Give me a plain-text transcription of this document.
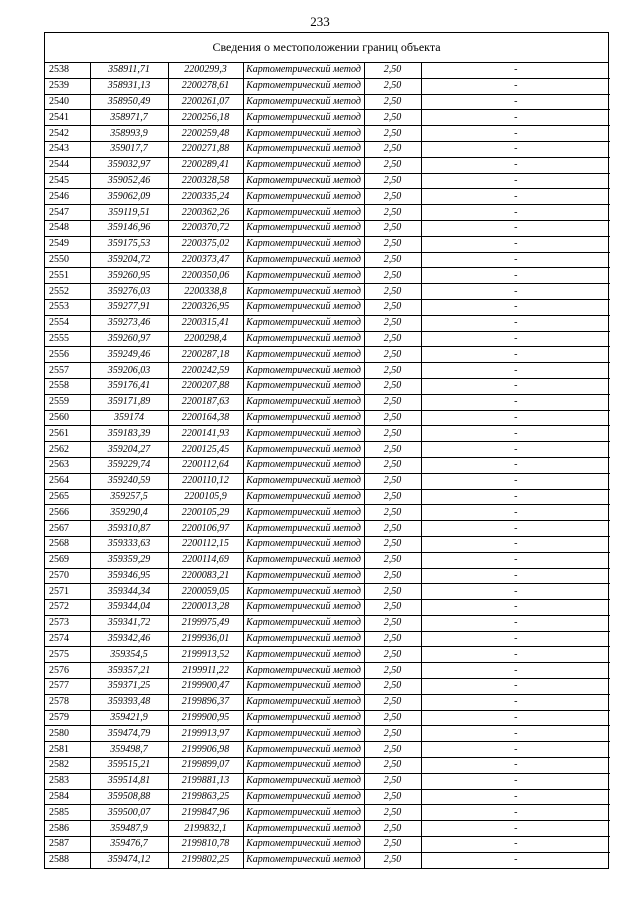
233
Сведения о местоположении границ объекта
2538	358911,71	2200299,3	Картометрический метод	2,50	-
2539	358931,13	2200278,61	Картометрический метод	2,50	-
2540	358950,49	2200261,07	Картометрический метод	2,50	-
2541	358971,7	2200256,18	Картометрический метод	2,50	-
2542	358993,9	2200259,48	Картометрический метод	2,50	-
2543	359017,7	2200271,88	Картометрический метод	2,50	-
2544	359032,97	2200289,41	Картометрический метод	2,50	-
2545	359052,46	2200328,58	Картометрический метод	2,50	-
2546	359062,09	2200335,24	Картометрический метод	2,50	-
2547	359119,51	2200362,26	Картометрический метод	2,50	-
2548	359146,96	2200370,72	Картометрический метод	2,50	-
2549	359175,53	2200375,02	Картометрический метод	2,50	-
2550	359204,72	2200373,47	Картометрический метод	2,50	-
2551	359260,95	2200350,06	Картометрический метод	2,50	-
2552	359276,03	2200338,8	Картометрический метод	2,50	-
2553	359277,91	2200326,95	Картометрический метод	2,50	-
2554	359273,46	2200315,41	Картометрический метод	2,50	-
2555	359260,97	2200298,4	Картометрический метод	2,50	-
2556	359249,46	2200287,18	Картометрический метод	2,50	-
2557	359206,03	2200242,59	Картометрический метод	2,50	-
2558	359176,41	2200207,88	Картометрический метод	2,50	-
2559	359171,89	2200187,63	Картометрический метод	2,50	-
2560	359174	2200164,38	Картометрический метод	2,50	-
2561	359183,39	2200141,93	Картометрический метод	2,50	-
2562	359204,27	2200125,45	Картометрический метод	2,50	-
2563	359229,74	2200112,64	Картометрический метод	2,50	-
2564	359240,59	2200110,12	Картометрический метод	2,50	-
2565	359257,5	2200105,9	Картометрический метод	2,50	-
2566	359290,4	2200105,29	Картометрический метод	2,50	-
2567	359310,87	2200106,97	Картометрический метод	2,50	-
2568	359333,63	2200112,15	Картометрический метод	2,50	-
2569	359359,29	2200114,69	Картометрический метод	2,50	-
2570	359346,95	2200083,21	Картометрический метод	2,50	-
2571	359344,34	2200059,05	Картометрический метод	2,50	-
2572	359344,04	2200013,28	Картометрический метод	2,50	-
2573	359341,72	2199975,49	Картометрический метод	2,50	-
2574	359342,46	2199936,01	Картометрический метод	2,50	-
2575	359354,5	2199913,52	Картометрический метод	2,50	-
2576	359357,21	2199911,22	Картометрический метод	2,50	-
2577	359371,25	2199900,47	Картометрический метод	2,50	-
2578	359393,48	2199896,37	Картометрический метод	2,50	-
2579	359421,9	2199900,95	Картометрический метод	2,50	-
2580	359474,79	2199913,97	Картометрический метод	2,50	-
2581	359498,7	2199906,98	Картометрический метод	2,50	-
2582	359515,21	2199899,07	Картометрический метод	2,50	-
2583	359514,81	2199881,13	Картометрический метод	2,50	-
2584	359508,88	2199863,25	Картометрический метод	2,50	-
2585	359500,07	2199847,96	Картометрический метод	2,50	-
2586	359487,9	2199832,1	Картометрический метод	2,50	-
2587	359476,7	2199810,78	Картометрический метод	2,50	-
2588	359474,12	2199802,25	Картометрический метод	2,50	-
